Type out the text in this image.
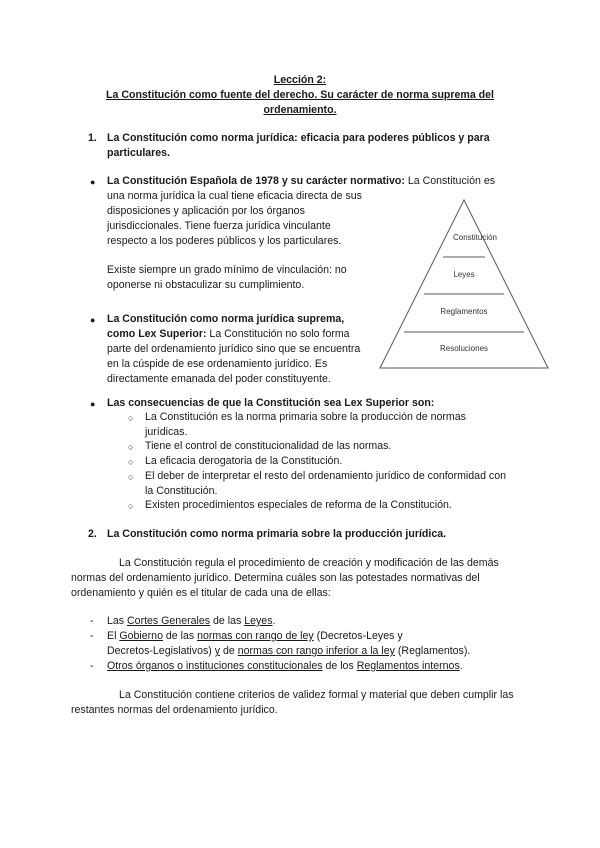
Lección 2:
La Constitución como fuente del derecho. Su carácter de norma suprema del
ordenamiento.
1. La Constitución como norma jurídica: eficacia para poderes públicos y para
particulares.
● La Constitución Española de 1978 y su carácter normativo: La Constitución es
una norma jurídica la cual tiene eficacia directa de sus
disposiciones y aplicación por los órganos
jurisdiccionales. Tiene fuerza jurídica vinculante
respecto a los poderes públicos y los particulares.
Existe siempre un grado mínimo de vinculación: no
oponerse ni obstaculizar su cumplimiento.
Constitución
Leyes
Reglamentos
Resoluciones
● La Constitución como norma jurídica suprema,
como Lex Superior: La Constitución no solo forma
parte del ordenamiento jurídico sino que se encuentra
en la cúspide de ese ordenamiento jurídico. Es
directamente emanada del poder constituyente.
● Las consecuencias de que la Constitución sea Lex Superior son:
○ La Constitución es la norma primaria sobre la producción de normas
jurídicas.
○ Tiene el control de constitucionalidad de las normas.
○ La eficacia derogatoria de la Constitución.
○ El deber de interpretar el resto del ordenamiento jurídico de conformidad con
la Constitución.
○ Existen procedimientos especiales de reforma de la Constitución.
2. La Constitución como norma primaria sobre la producción jurídica.
La Constitución regula el procedimiento de creación y modificación de las demás
normas del ordenamiento jurídico. Determina cuáles son las potestades normativas del
ordenamiento y quién es el titular de cada una de ellas:
- Las Cortes Generales de las Leyes.
- El Gobierno de las normas con rango de ley (Decretos-Leyes y
Decretos-Legislativos) y de normas con rango inferior a la ley (Reglamentos).
- Otros órganos o instituciones constitucionales de los Reglamentos internos.
La Constitución contiene criterios de validez formal y material que deben cumplir las
restantes normas del ordenamiento jurídico.
